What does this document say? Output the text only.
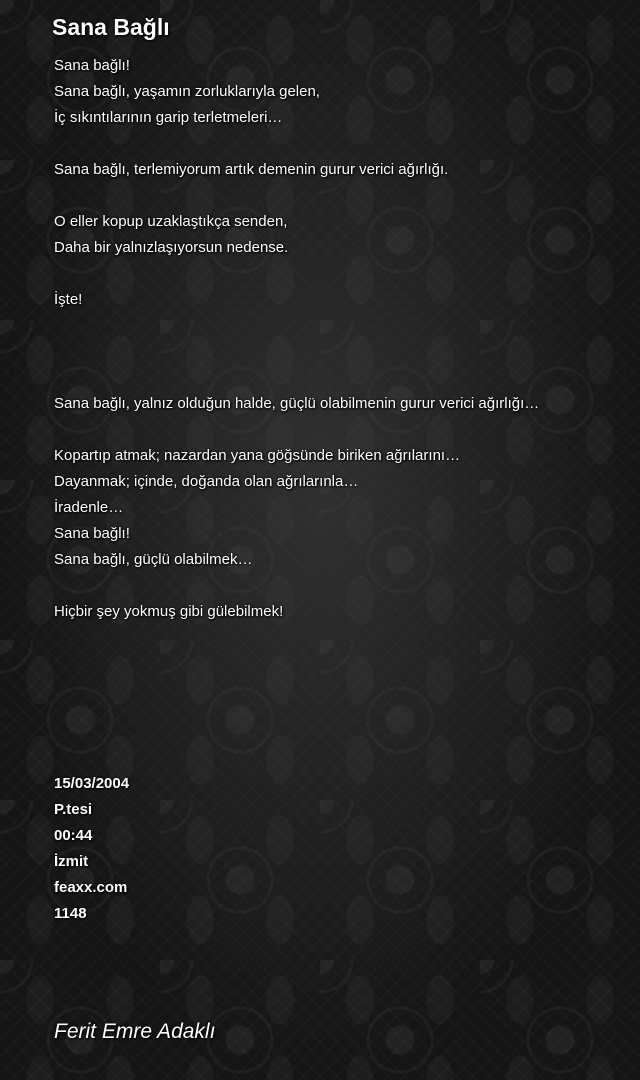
Sana Bağlı
Sana bağlı!
Sana bağlı, yaşamın zorluklarıyla gelen,
İç sıkıntılarının garip terletmeleri…
Sana bağlı, terlemiyorum artık demenin gurur verici ağırlığı.
O eller kopup uzaklaştıkça senden,
Daha bir yalnızlaşıyorsun nedense.
İşte!
Sana bağlı, yalnız olduğun halde, güçlü olabilmenin gurur verici ağırlığı…
Kopartıp atmak; nazardan yana göğsünde biriken ağrılarını…
Dayanmak; içinde, doğanda olan ağrılarınla…
İradenle…
Sana bağlı!
Sana bağlı, güçlü olabilmek…
Hiçbir şey yokmuş gibi gülebilmek!
15/03/2004
P.tesi
00:44
İzmit
feaxx.com
1148
Ferit Emre Adaklı
